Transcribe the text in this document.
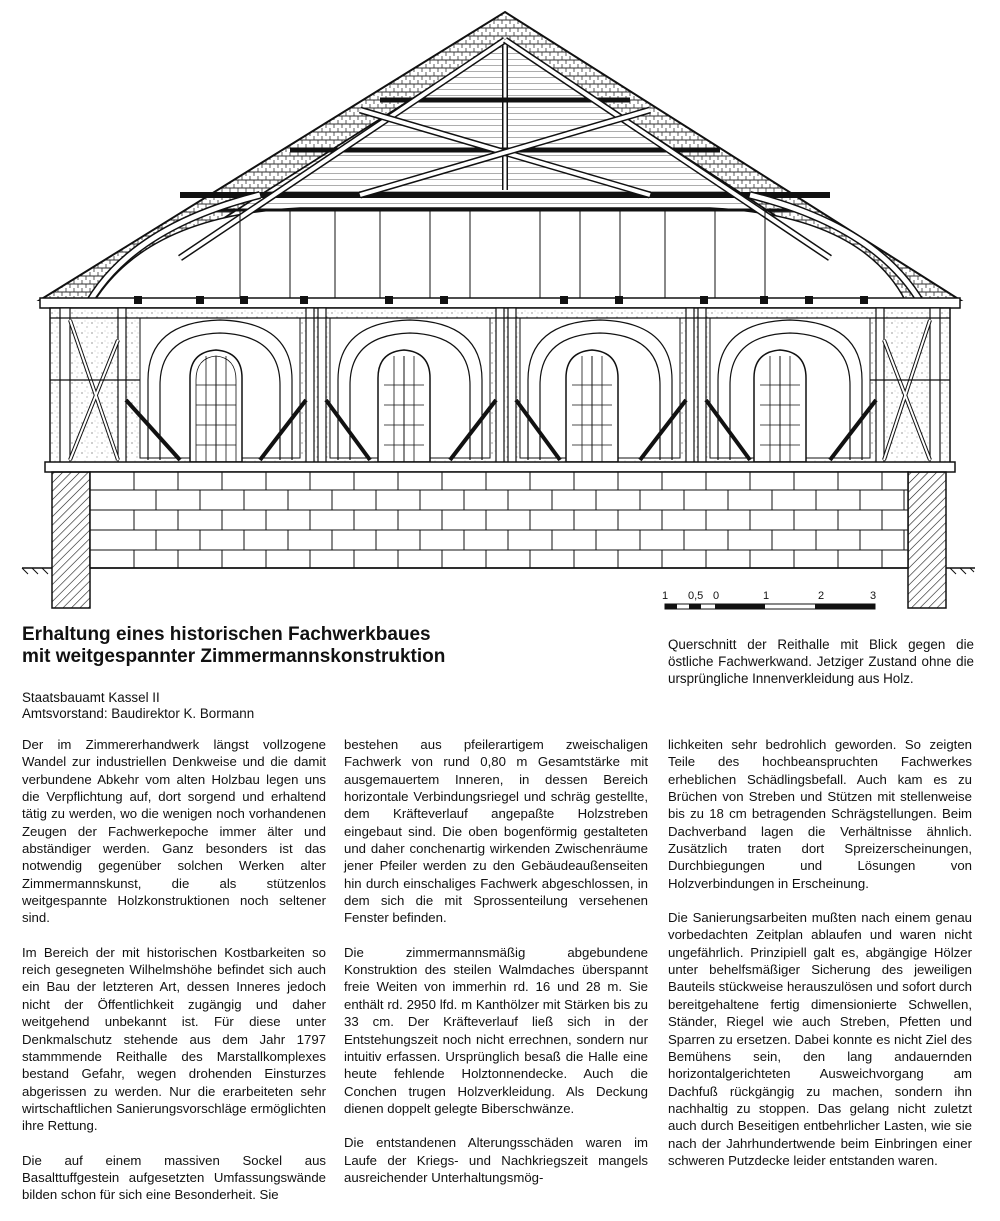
1 0,5 0	1	2	3
Erhaltung eines historischen Fachwerkbaues
mit weitgespannter Zimmermannskonstruktion

Querschnitt der Reithalle mit Blick gegen die östliche Fachwerkwand. Jetziger Zustand ohne die ursprüngliche Innenverkleidung aus Holz.

Staatsbauamt Kassel II
Amtsvorstand: Baudirektor K. Bormann

Der im Zimmererhandwerk längst vollzogene Wandel zur industriellen Denkweise und die damit verbundene Abkehr vom alten Holzbau legen uns die Verpflichtung auf, dort sorgend und erhaltend tätig zu werden, wo die wenigen noch vorhandenen Zeugen der Fachwerkepoche immer älter und abständiger werden. Ganz besonders ist das notwendig gegenüber solchen Werken alter Zimmermannskunst, die als stützenlos weitgespannte Holzkonstruktionen noch seltener sind.

Im Bereich der mit historischen Kostbarkeiten so reich gesegneten Wilhelmshöhe befindet sich auch ein Bau der letzteren Art, dessen Inneres jedoch nicht der Öffentlichkeit zugängig und daher weitgehend unbekannt ist. Für diese unter Denkmalschutz stehende aus dem Jahr 1797 stammmende Reithalle des Marstallkomplexes bestand Gefahr, wegen drohenden Einsturzes abgerissen zu werden. Nur die erarbeiteten sehr wirtschaftlichen Sanierungsvorschläge ermöglichten ihre Rettung.

Die auf einem massiven Sockel aus Basalttuffgestein aufgesetzten Umfassungswände bilden schon für sich eine Besonderheit. Sie

bestehen aus pfeilerartigem zweischaligen Fachwerk von rund 0,80 m Gesamtstärke mit ausgemauertem Inneren, in dessen Bereich horizontale Verbindungsriegel und schräg gestellte, dem Kräfteverlauf angepaßte Holzstreben eingebaut sind. Die oben bogenförmig gestalteten und daher conchenartig wirkenden Zwischenräume jener Pfeiler werden zu den Gebäudeaußenseiten hin durch einschaliges Fachwerk abgeschlossen, in dem sich die mit Sprossenteilung versehenen Fenster befinden.

Die zimmermannsmäßig abgebundene Konstruktion des steilen Walmdaches überspannt freie Weiten von immerhin rd. 16 und 28 m. Sie enthält rd. 2950 lfd. m Kanthölzer mit Stärken bis zu 33 cm. Der Kräfteverlauf ließ sich in der Entstehungszeit noch nicht errechnen, sondern nur intuitiv erfassen. Ursprünglich besaß die Halle eine heute fehlende Holztonnendecke. Auch die Conchen trugen Holzverkleidung. Als Deckung dienen doppelt gelegte Biberschwänze.

Die entstandenen Alterungsschäden waren im Laufe der Kriegs- und Nachkriegszeit mangels ausreichender Unterhaltungsmög-

lichkeiten sehr bedrohlich geworden. So zeigten Teile des hochbeanspruchten Fachwerkes erheblichen Schädlingsbefall. Auch kam es zu Brüchen von Streben und Stützen mit stellenweise bis zu 18 cm betragenden Schrägstellungen. Beim Dachverband lagen die Verhältnisse ähnlich. Zusätzlich traten dort Spreizerscheinungen, Durchbiegungen und Lösungen von Holzverbindungen in Erscheinung.

Die Sanierungsarbeiten mußten nach einem genau vorbedachten Zeitplan ablaufen und waren nicht ungefährlich. Prinzipiell galt es, abgängige Hölzer unter behelfsmäßiger Sicherung des jeweiligen Bauteils stückweise herauszulösen und sofort durch bereitgehaltene fertig dimensionierte Schwellen, Ständer, Riegel wie auch Streben, Pfetten und Sparren zu ersetzen. Dabei konnte es nicht Ziel des Bemühens sein, den lang andauernden horizontalgerichteten Ausweichvorgang am Dachfuß rückgängig zu machen, sondern ihn nachhaltig zu stoppen. Das gelang nicht zuletzt auch durch Beseitigen entbehrlicher Lasten, wie sie nach der Jahrhundertwende beim Einbringen einer schweren Putzdecke leider entstanden waren.
